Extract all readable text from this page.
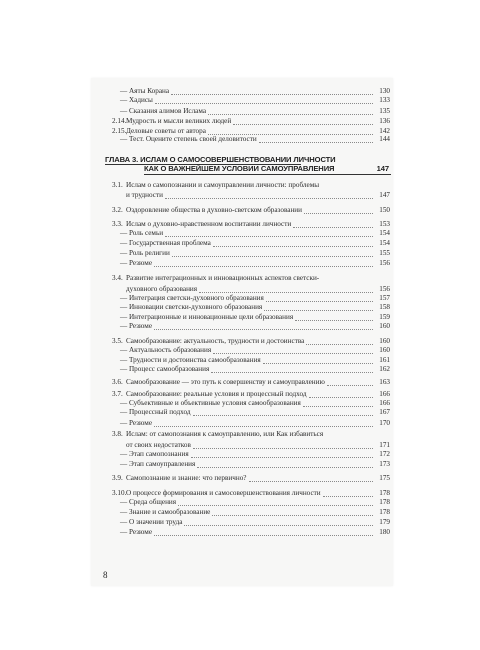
— Аяты Корана	130
— Хадисы	133
— Сказания алимов Ислама	135
2.14. Мудрость и мысли великих людей	136
2.15. Деловые советы от автора	142
— Тест. Оцените степень своей деловитости	144
3.1. Ислам о самопознании и самоуправлении личности: проблемы
и трудности	147
3.2. Оздоровление общества в духовно-светском образовании	150
3.3. Ислам о духовно-нравственном воспитании личности	153
— Роль семьи	154
— Государственная проблема	154
— Роль религии	155
— Резюме	156
3.4. Развитие интеграционных и инновационных аспектов светски-
духовного образования	156
— Интеграция светски-духовного образования	157
— Инновации светски-духовного образования	158
— Интеграционные и инновационные цели образования	159
— Резюме	160
3.5. Самообразование: актуальность, трудности и достоинства	160
— Актуальность образования	160
— Трудности и достоинства самообразования	161
— Процесс самообразования	162
3.6. Самообразование — это путь к совершенству и самоуправлению	163
3.7. Самообразование: реальные условия и процессный подход	166
— Субъективные и объективные условия самообразования	166
— Процессный подход	167
— Резюме	170
3.8. Ислам: от самопознания к самоуправлению, или Как избавиться
от своих недостатков	171
— Этап самопознания	172
— Этап самоуправления	173
3.9. Самопознание и знание: что первично?	175
3.10. О процессе формирования и самосовершенствования личности	178
— Среда общения	178
— Знание и самообразование	178
— О значении труда	179
— Резюме	180
ГЛАВА 3. ИСЛАМ О САМОСОВЕРШЕНСТВОВАНИИ ЛИЧНОСТИ
КАК О ВАЖНЕЙШЕМ УСЛОВИИ САМОУПРАВЛЕНИЯ	147
8
